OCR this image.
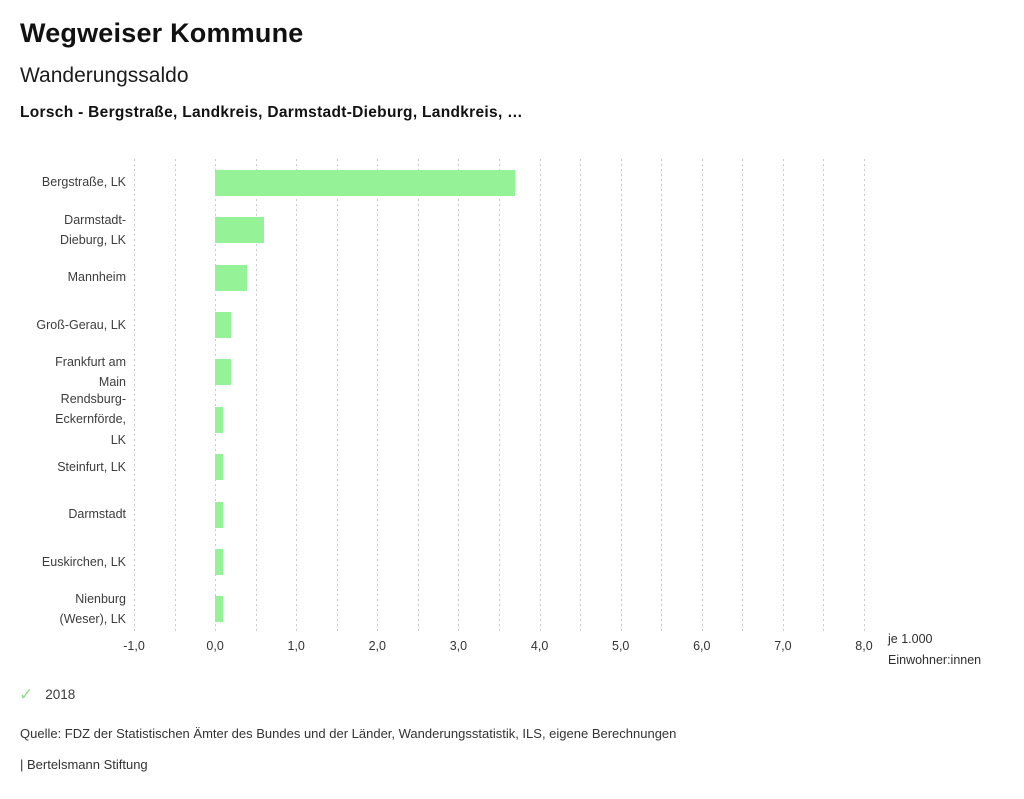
Wegweiser Kommune
Wanderungssaldo
Lorsch - Bergstraße, Landkreis, Darmstadt-Dieburg, Landkreis, …
Bergstraße, LK
Darmstadt-
Dieburg, LK
Mannheim
Groß-Gerau, LK
Frankfurt am
Main
Rendsburg-
Eckernförde,
LK
Steinfurt, LK
Darmstadt
Euskirchen, LK
Nienburg
(Weser), LK
-1,0	0,0	1,0	2,0	3,0	4,0	5,0	6,0	7,0	8,0 je 1.000
Einwohner:innen
✓ 2018
Quelle: FDZ der Statistischen Ämter des Bundes und der Länder, Wanderungsstatistik, ILS, eigene Berechnungen
| Bertelsmann Stiftung
